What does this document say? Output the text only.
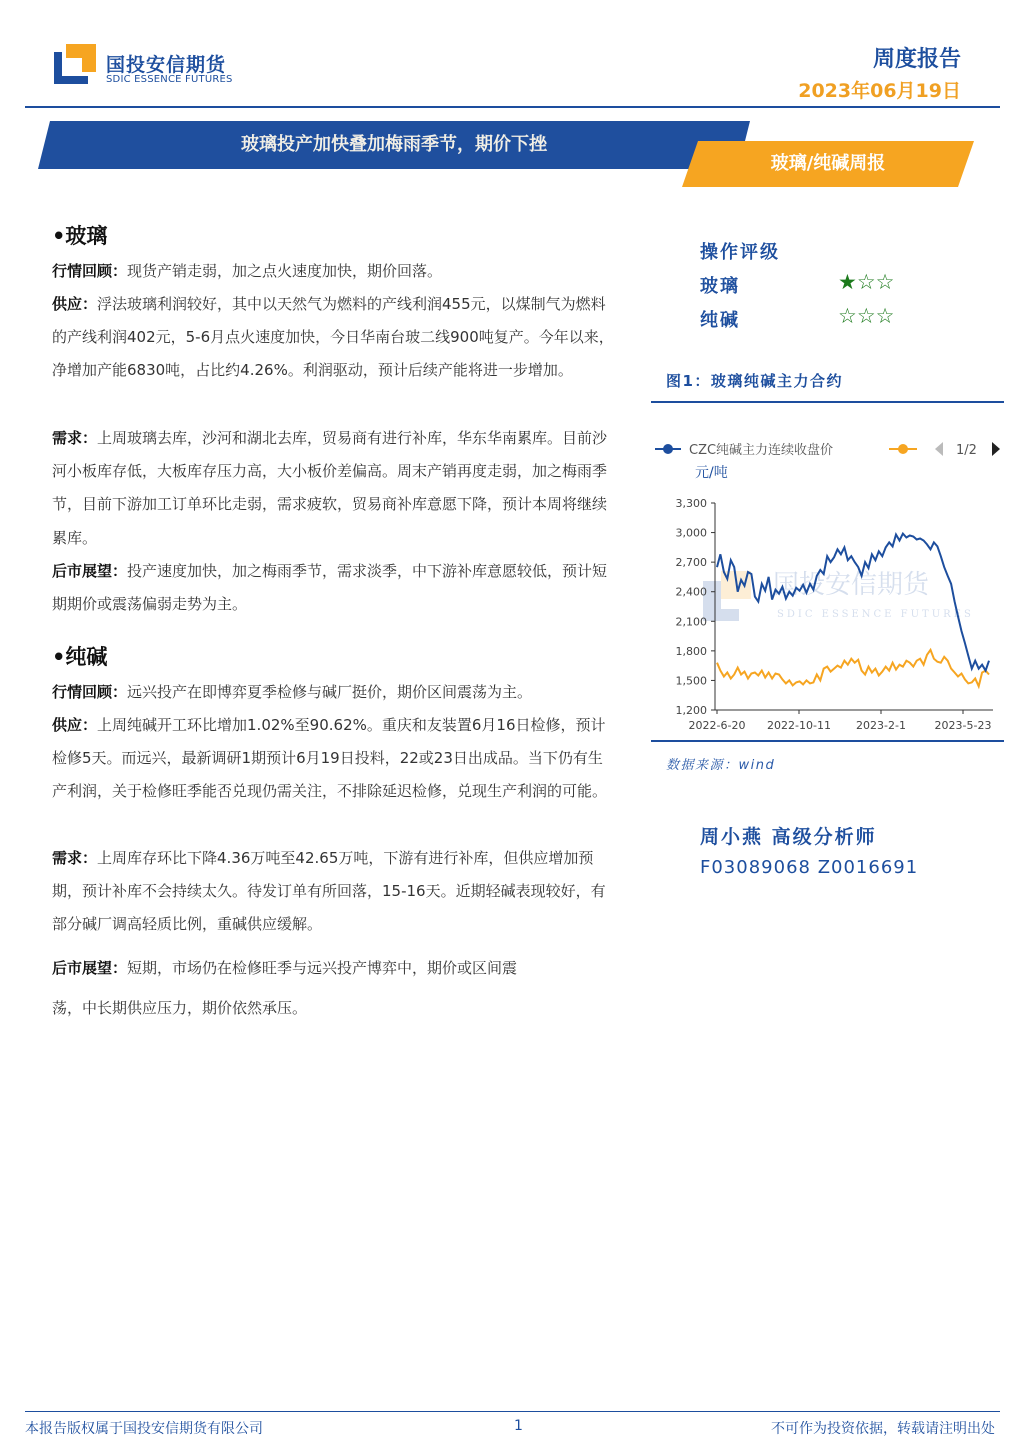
国投安信期货
SDIC ESSENCE FUTURES
周度报告
2023年06月19日
玻璃投产加快叠加梅雨季节，期价下挫
玻璃/纯碱周报
•玻璃
行情回顾：现货产销走弱，加之点火速度加快，期价回落。
供应：浮法玻璃利润较好，其中以天然气为燃料的产线利润455元，以煤制气为燃料的产线利润402元，5-6月点火速度加快，今日华南台玻二线900吨复产。今年以来，净增加产能6830吨，占比约4.26%。利润驱动，预计后续产能将进一步增加。
需求：上周玻璃去库，沙河和湖北去库，贸易商有进行补库，华东华南累库。目前沙河小板库存低，大板库存压力高，大小板价差偏高。周末产销再度走弱，加之梅雨季节，目前下游加工订单环比走弱，需求疲软，贸易商补库意愿下降，预计本周将继续累库。
后市展望：投产速度加快，加之梅雨季节，需求淡季，中下游补库意愿较低，预计短期期价或震荡偏弱走势为主。
•纯碱
行情回顾：远兴投产在即博弈夏季检修与碱厂挺价，期价区间震荡为主。
供应：上周纯碱开工环比增加1.02%至90.62%。重庆和友装置6月16日检修，预计检修5天。而远兴，最新调研1期预计6月19日投料，22或23日出成品。当下仍有生产利润，关于检修旺季能否兑现仍需关注，不排除延迟检修，兑现生产利润的可能。
需求：上周库存环比下降4.36万吨至42.65万吨，下游有进行补库，但供应增加预期，预计补库不会持续太久。待发订单有所回落，15-16天。近期轻碱表现较好，有部分碱厂调高轻质比例，重碱供应缓解。
后市展望：短期，市场仍在检修旺季与远兴投产博弈中，期价或区间震
荡，中长期供应压力，期价依然承压。
操作评级
玻璃	★☆☆
纯碱	☆☆☆
图1：玻璃纯碱主力合约
国投安信期货
SDIC ESSENCE FUTURES
CZC纯碱主力连续收盘价	1/2
元/吨
3,300
3,000
2,700
2,400
2,100
1,800
1,500
1,200
2022-6-20 2022-10-11 2023-2-1	2023-5-23
数据来源：wind
周小燕 高级分析师
F03089068 Z0016691
本报告版权属于国投安信期货有限公司	1	不可作为投资依据，转载请注明出处
